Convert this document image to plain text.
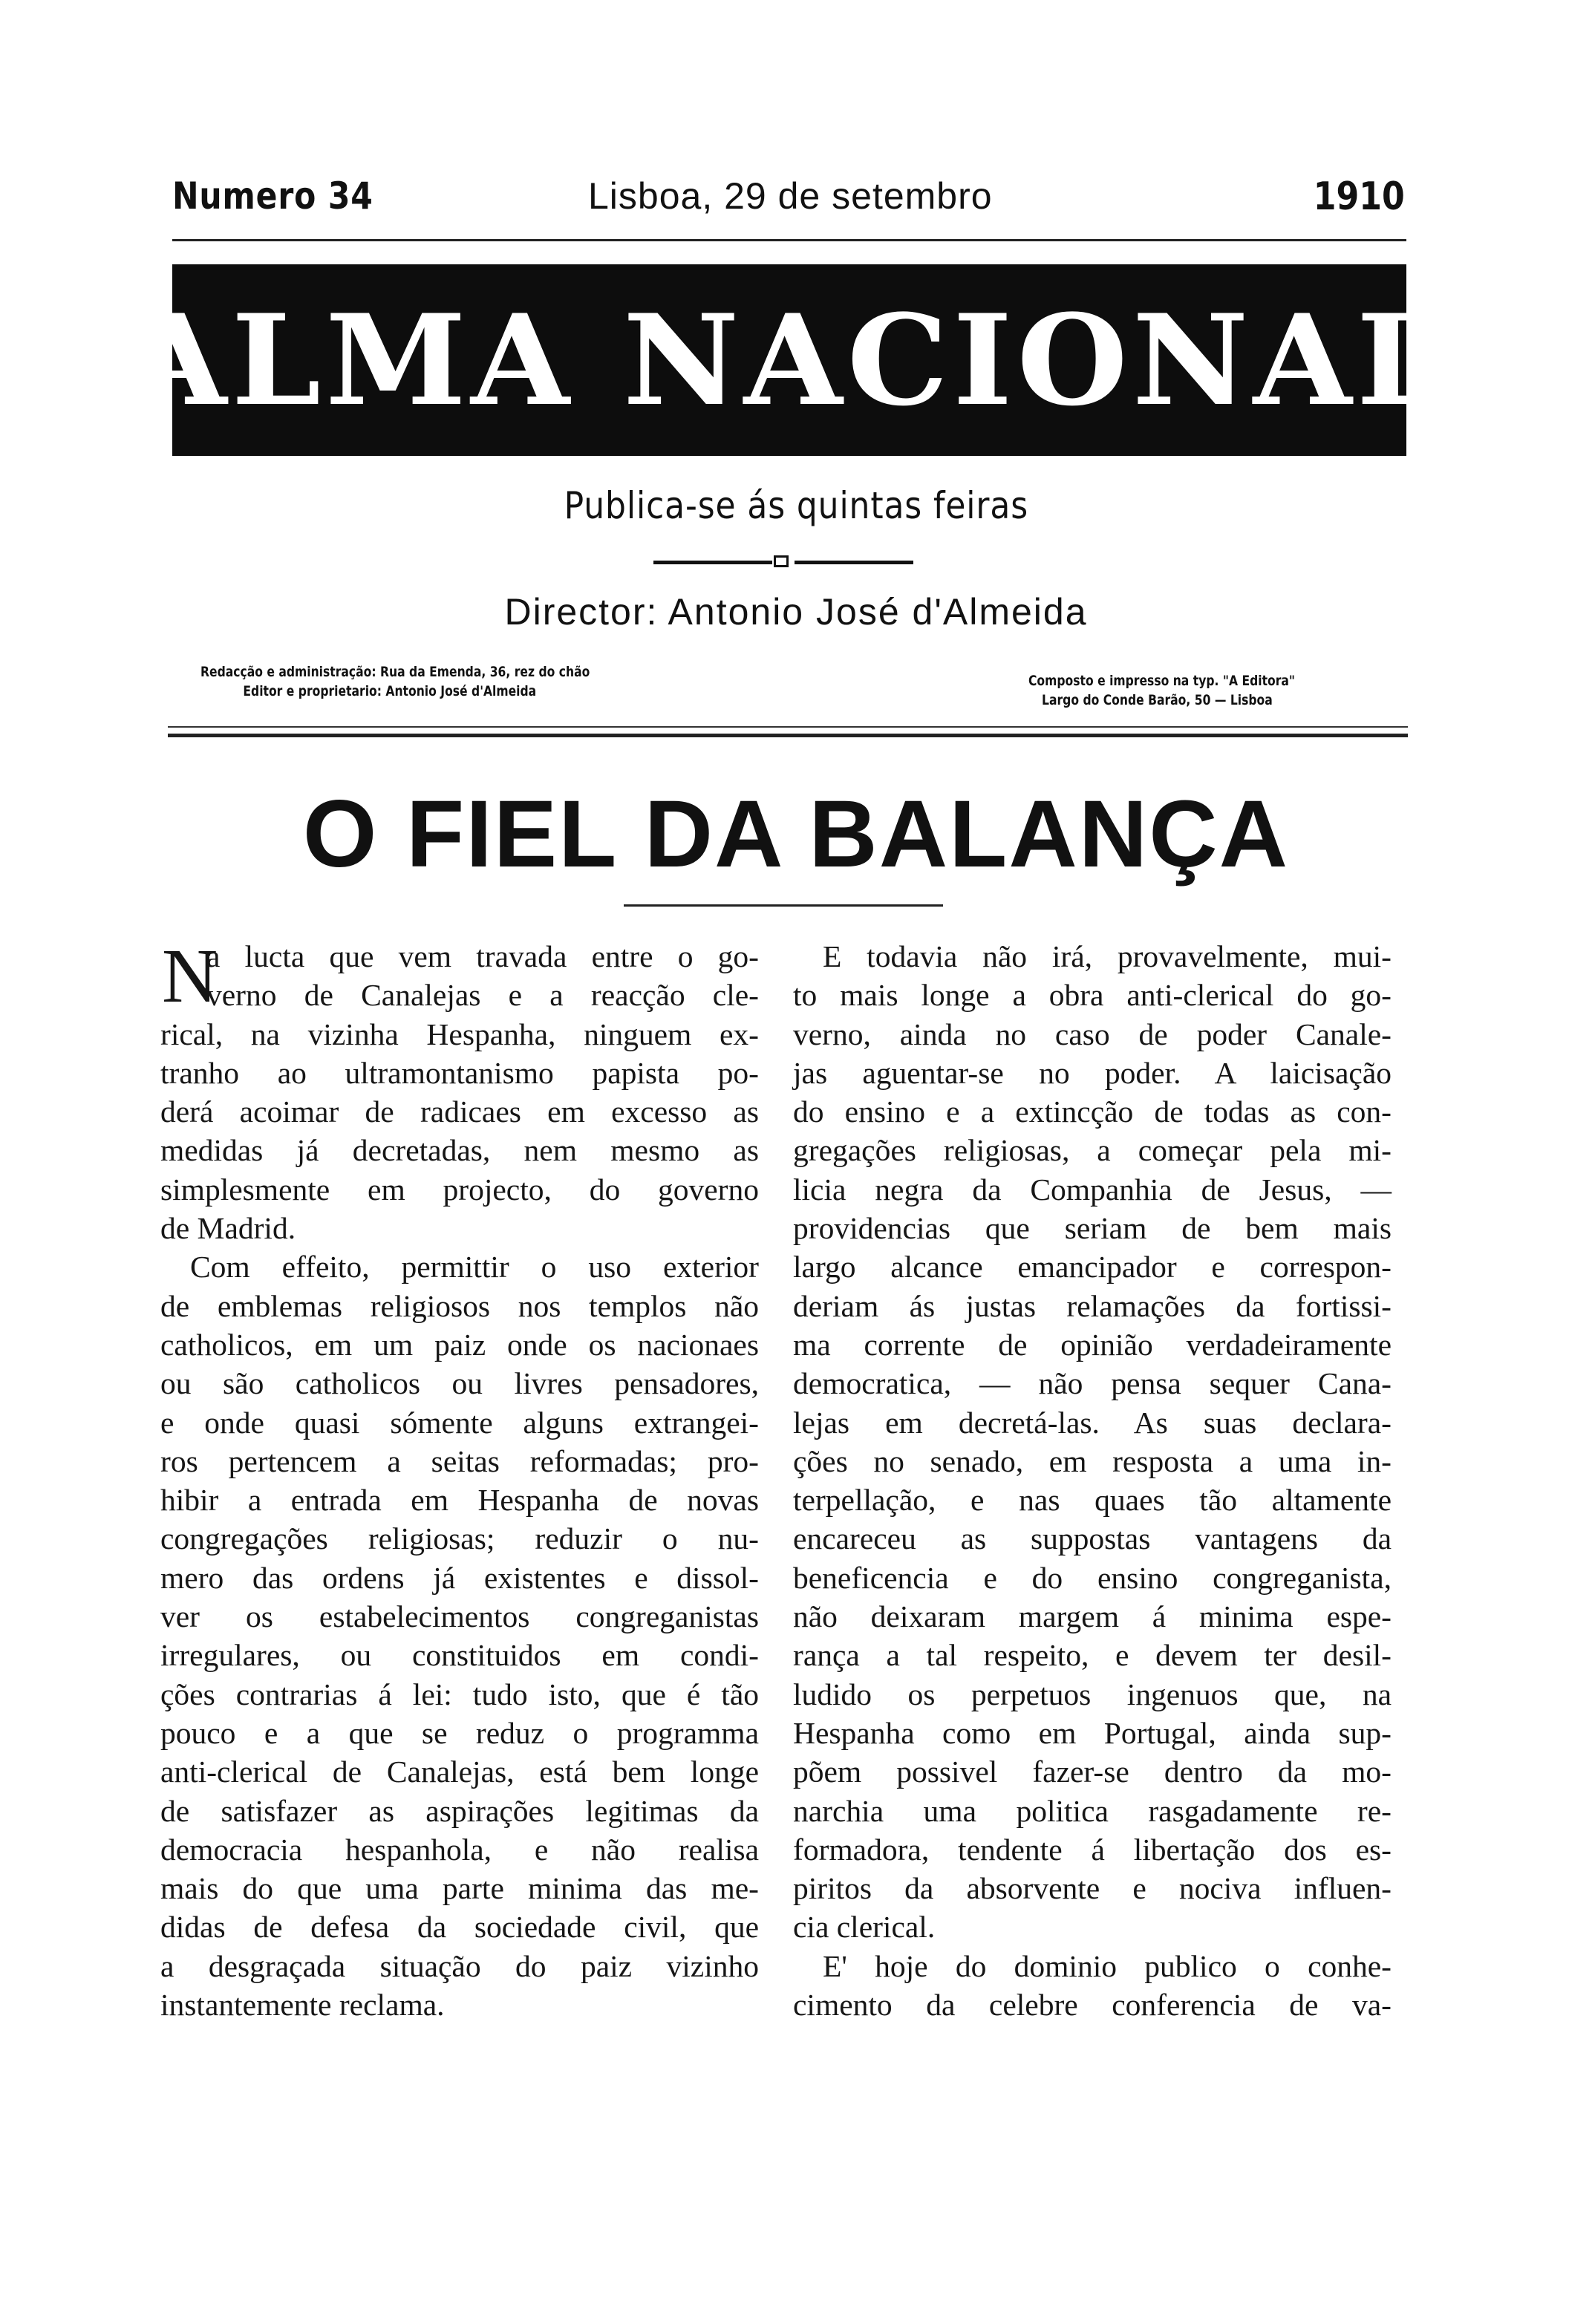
Numero 34	Lisboa, 29 de setembro	1910
ALMA NACIONAL
Publica-se ás quintas feiras
Director: Antonio José d'Almeida
Redacção e administração: Rua da Emenda, 36, rez do chão
Editor e proprietario: Antonio José d'Almeida
Composto e impresso na typ. "A Editora"
Largo do Conde Barão, 50 — Lisboa
O FIEL DA BALANÇA
N
a lucta que vem travada entre o go-
verno de Canalejas e a reacção cle-
rical, na vizinha Hespanha, ninguem ex-
tranho ao ultramontanismo papista po-
derá acoimar de radicaes em excesso as
medidas já decretadas, nem mesmo as
simplesmente em projecto, do governo
de Madrid.
Com effeito, permittir o uso exterior
de emblemas religiosos nos templos não
catholicos, em um paiz onde os nacionaes
ou são catholicos ou livres pensadores,
e onde quasi sómente alguns extrangei-
ros pertencem a seitas reformadas; pro-
hibir a entrada em Hespanha de novas
congregações religiosas; reduzir o nu-
mero das ordens já existentes e dissol-
ver os estabelecimentos congreganistas
irregulares, ou constituidos em condi-
ções contrarias á lei: tudo isto, que é tão
pouco e a que se reduz o programma
anti-clerical de Canalejas, está bem longe
de satisfazer as aspirações legitimas da
democracia hespanhola, e não realisa
mais do que uma parte minima das me-
didas de defesa da sociedade civil, que
a desgraçada situação do paiz vizinho
instantemente reclama.
E todavia não irá, provavelmente, mui-
to mais longe a obra anti-clerical do go-
verno, ainda no caso de poder Canale-
jas aguentar-se no poder. A laicisação
do ensino e a extincção de todas as con-
gregações religiosas, a começar pela mi-
licia negra da Companhia de Jesus, —
providencias que seriam de bem mais
largo alcance emancipador e correspon-
deriam ás justas relamações da fortissi-
ma corrente de opinião verdadeiramente
democratica, — não pensa sequer Cana-
lejas em decretá-las. As suas declara-
ções no senado, em resposta a uma in-
terpellação, e nas quaes tão altamente
encareceu as suppostas vantagens da
beneficencia e do ensino congreganista,
não deixaram margem á minima espe-
rança a tal respeito, e devem ter desil-
ludido os perpetuos ingenuos que, na
Hespanha como em Portugal, ainda sup-
põem possivel fazer-se dentro da mo-
narchia uma politica rasgadamente re-
formadora, tendente á libertação dos es-
piritos da absorvente e nociva influen-
cia clerical.
E' hoje do dominio publico o conhe-
cimento da celebre conferencia de va-
